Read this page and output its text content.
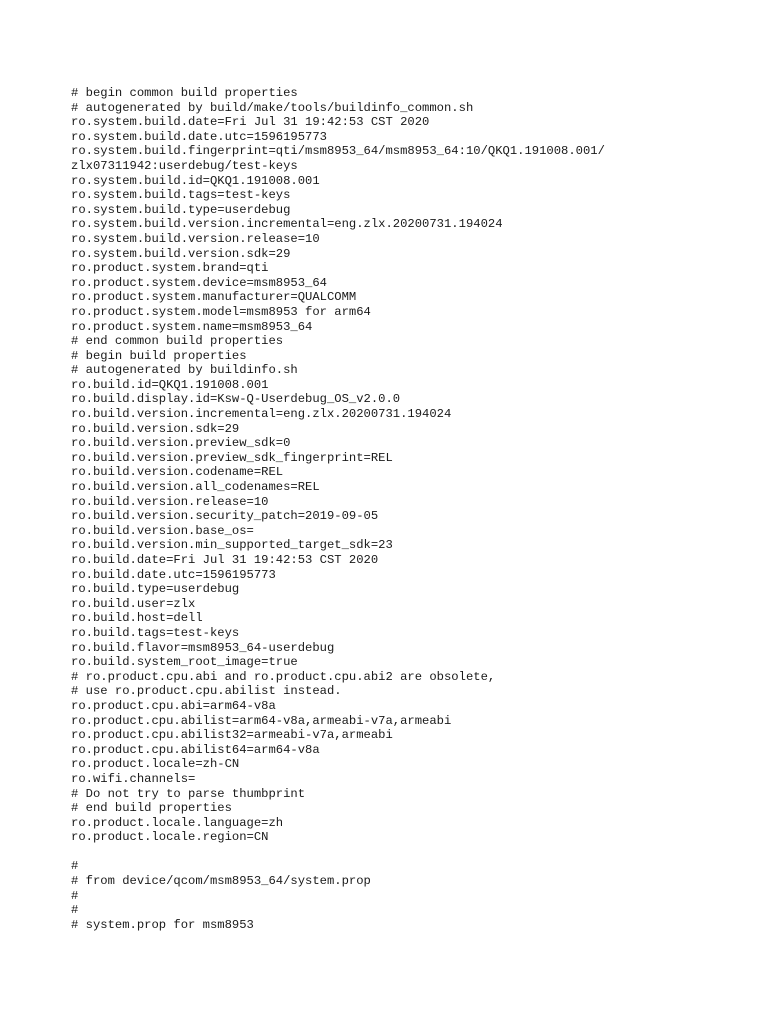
# begin common build properties
# autogenerated by build/make/tools/buildinfo_common.sh
ro.system.build.date=Fri Jul 31 19:42:53 CST 2020
ro.system.build.date.utc=1596195773
ro.system.build.fingerprint=qti/msm8953_64/msm8953_64:10/QKQ1.191008.001/
zlx07311942:userdebug/test-keys
ro.system.build.id=QKQ1.191008.001
ro.system.build.tags=test-keys
ro.system.build.type=userdebug
ro.system.build.version.incremental=eng.zlx.20200731.194024
ro.system.build.version.release=10
ro.system.build.version.sdk=29
ro.product.system.brand=qti
ro.product.system.device=msm8953_64
ro.product.system.manufacturer=QUALCOMM
ro.product.system.model=msm8953 for arm64
ro.product.system.name=msm8953_64
# end common build properties
# begin build properties
# autogenerated by buildinfo.sh
ro.build.id=QKQ1.191008.001
ro.build.display.id=Ksw-Q-Userdebug_OS_v2.0.0
ro.build.version.incremental=eng.zlx.20200731.194024
ro.build.version.sdk=29
ro.build.version.preview_sdk=0
ro.build.version.preview_sdk_fingerprint=REL
ro.build.version.codename=REL
ro.build.version.all_codenames=REL
ro.build.version.release=10
ro.build.version.security_patch=2019-09-05
ro.build.version.base_os=
ro.build.version.min_supported_target_sdk=23
ro.build.date=Fri Jul 31 19:42:53 CST 2020
ro.build.date.utc=1596195773
ro.build.type=userdebug
ro.build.user=zlx
ro.build.host=dell
ro.build.tags=test-keys
ro.build.flavor=msm8953_64-userdebug
ro.build.system_root_image=true
# ro.product.cpu.abi and ro.product.cpu.abi2 are obsolete,
# use ro.product.cpu.abilist instead.
ro.product.cpu.abi=arm64-v8a
ro.product.cpu.abilist=arm64-v8a,armeabi-v7a,armeabi
ro.product.cpu.abilist32=armeabi-v7a,armeabi
ro.product.cpu.abilist64=arm64-v8a
ro.product.locale=zh-CN
ro.wifi.channels=
# Do not try to parse thumbprint
# end build properties
ro.product.locale.language=zh
ro.product.locale.region=CN
#
# from device/qcom/msm8953_64/system.prop
#
#
# system.prop for msm8953
